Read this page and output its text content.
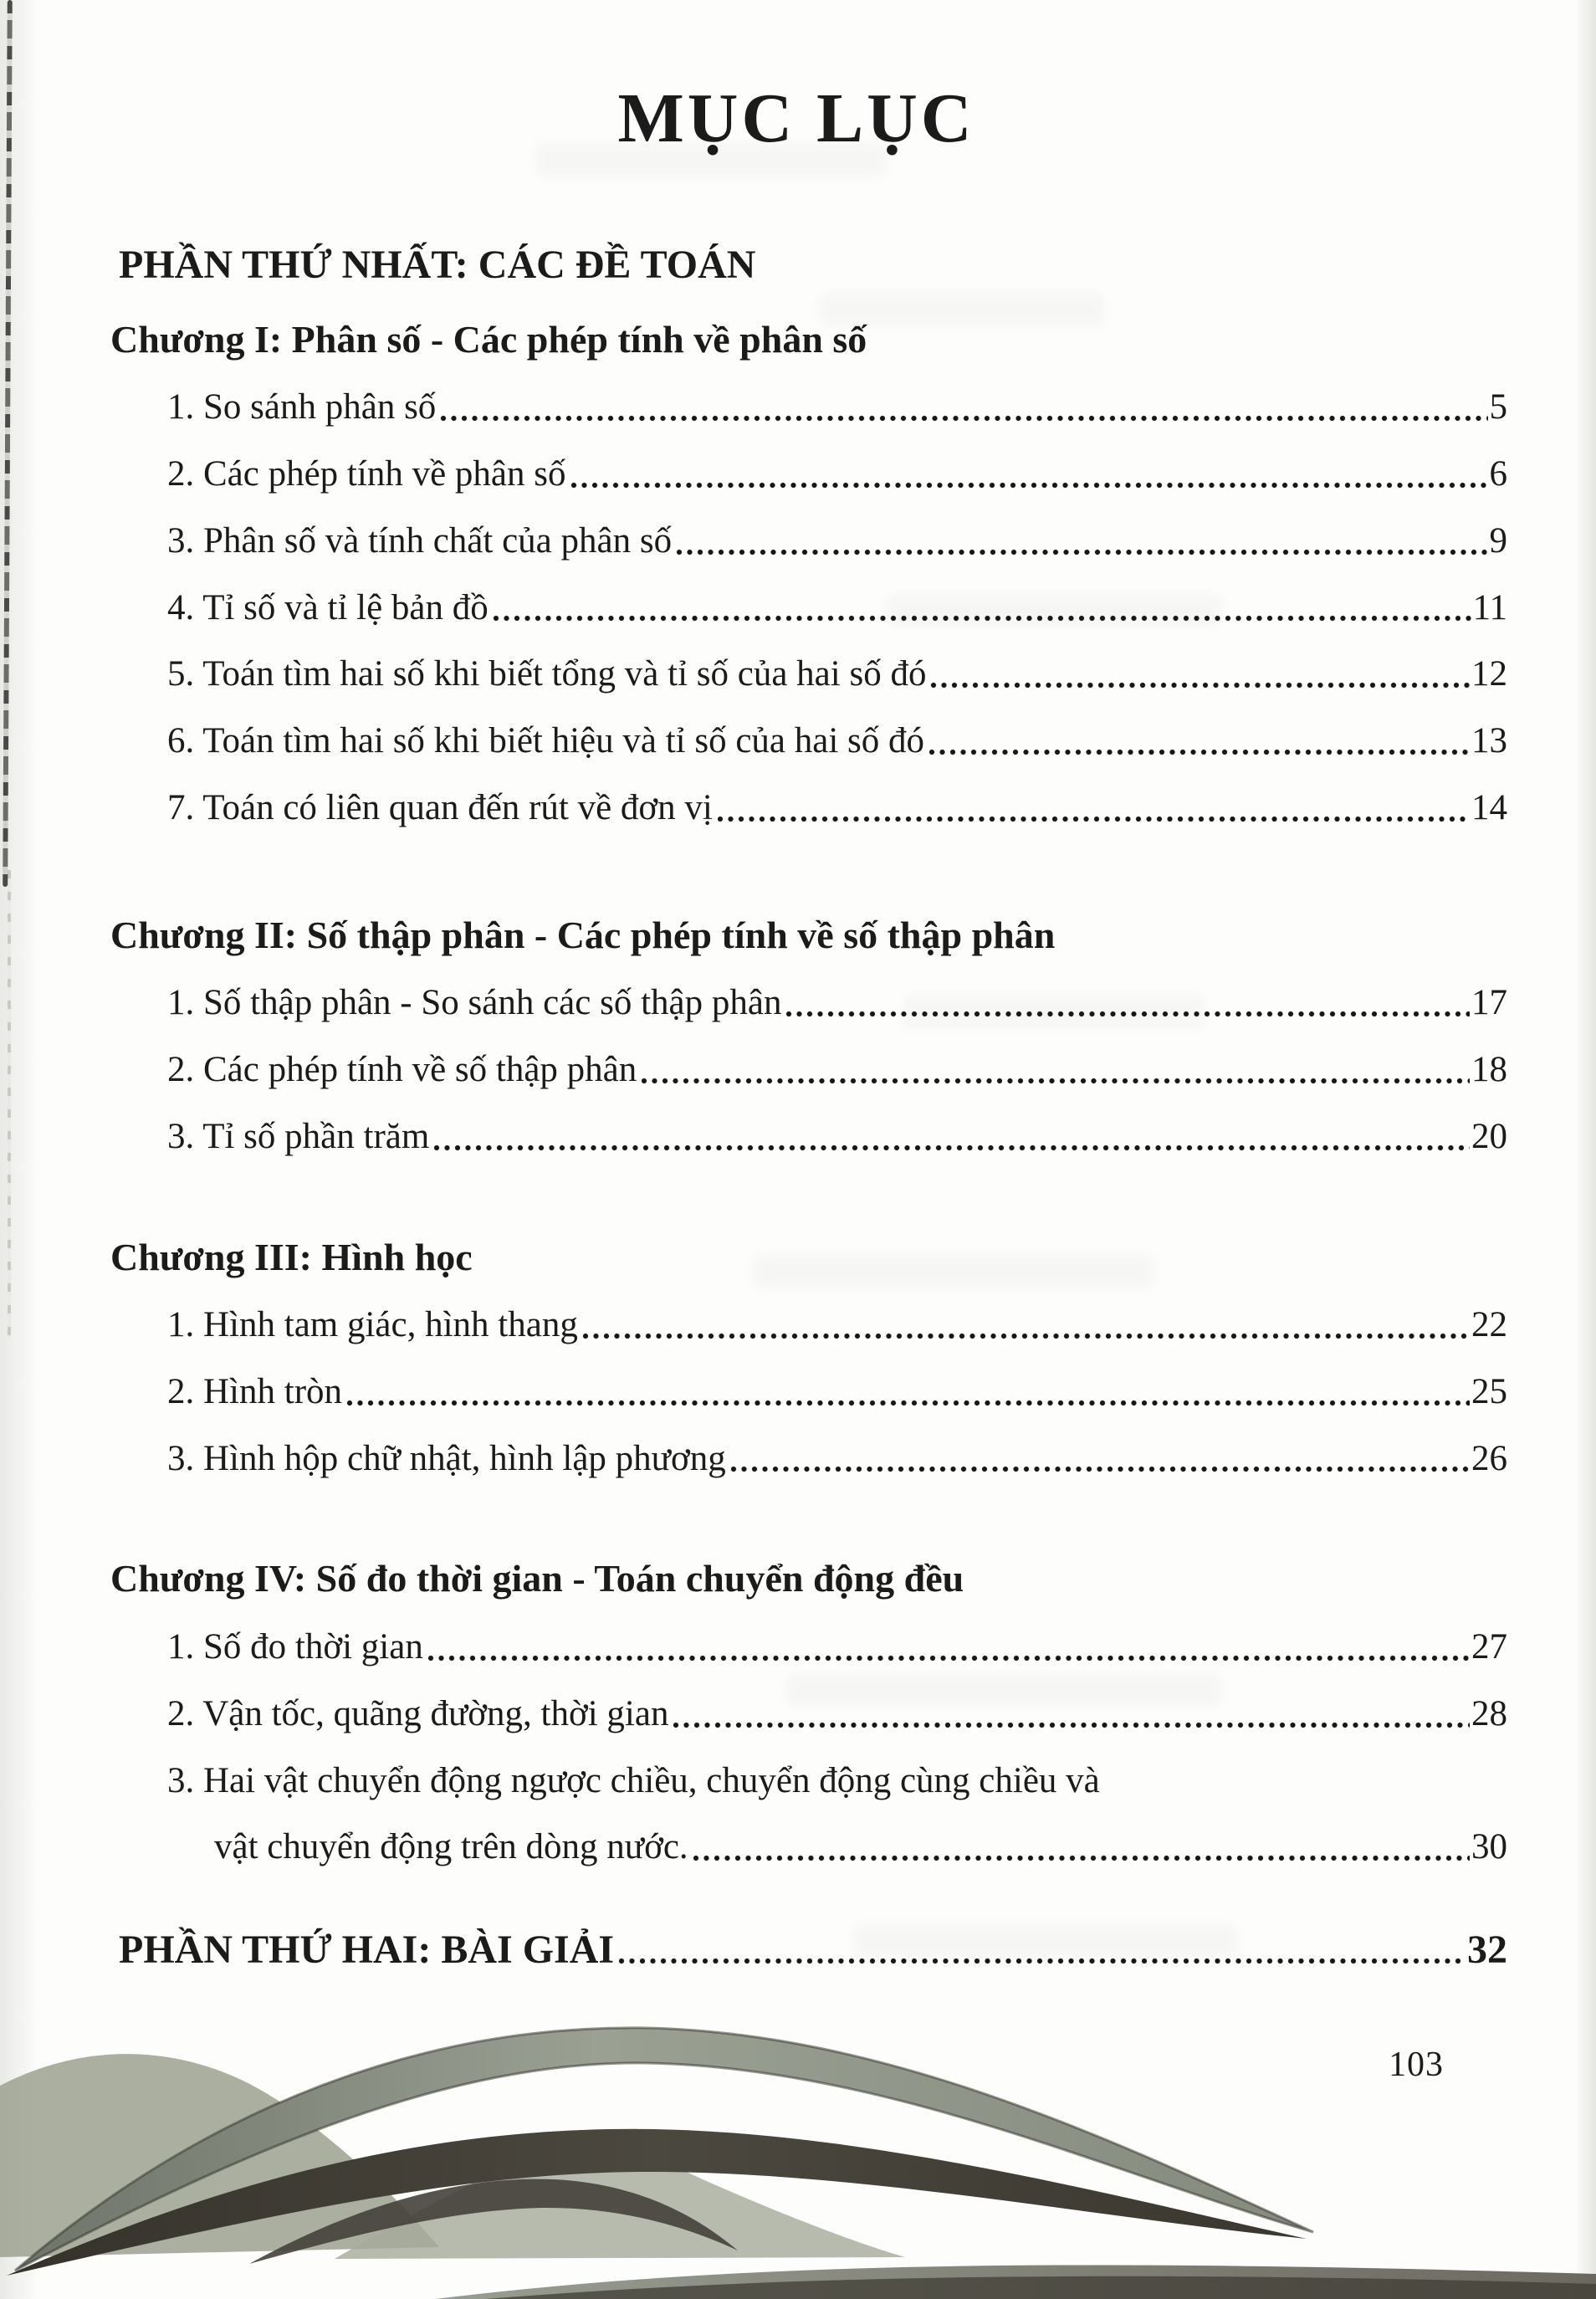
MỤC LỤC
PHẦN THỨ NHẤT: CÁC ĐỀ TOÁN
Chương I: Phân số - Các phép tính về phân số
1. So sánh phân số	5
2. Các phép tính về phân số	6
3. Phân số và tính chất của phân số	9
4. Tỉ số và tỉ lệ bản đồ	11
5. Toán tìm hai số khi biết tổng và tỉ số của hai số đó	12
6. Toán tìm hai số khi biết hiệu và tỉ số của hai số đó	13
7. Toán có liên quan đến rút về đơn vị	14
Chương II: Số thập phân - Các phép tính về số thập phân
1. Số thập phân - So sánh các số thập phân	17
2. Các phép tính về số thập phân	18
3. Tỉ số phần trăm	20
Chương III: Hình học
1. Hình tam giác, hình thang	22
2. Hình tròn	25
3. Hình hộp chữ nhật, hình lập phương	26
Chương IV: Số đo thời gian - Toán chuyển động đều
1. Số đo thời gian	27
2. Vận tốc, quãng đường, thời gian	28
3. Hai vật chuyển động ngược chiều, chuyển động cùng chiều và
vật chuyển động trên dòng nước.	30
PHẦN THỨ HAI: BÀI GIẢI	32
103
